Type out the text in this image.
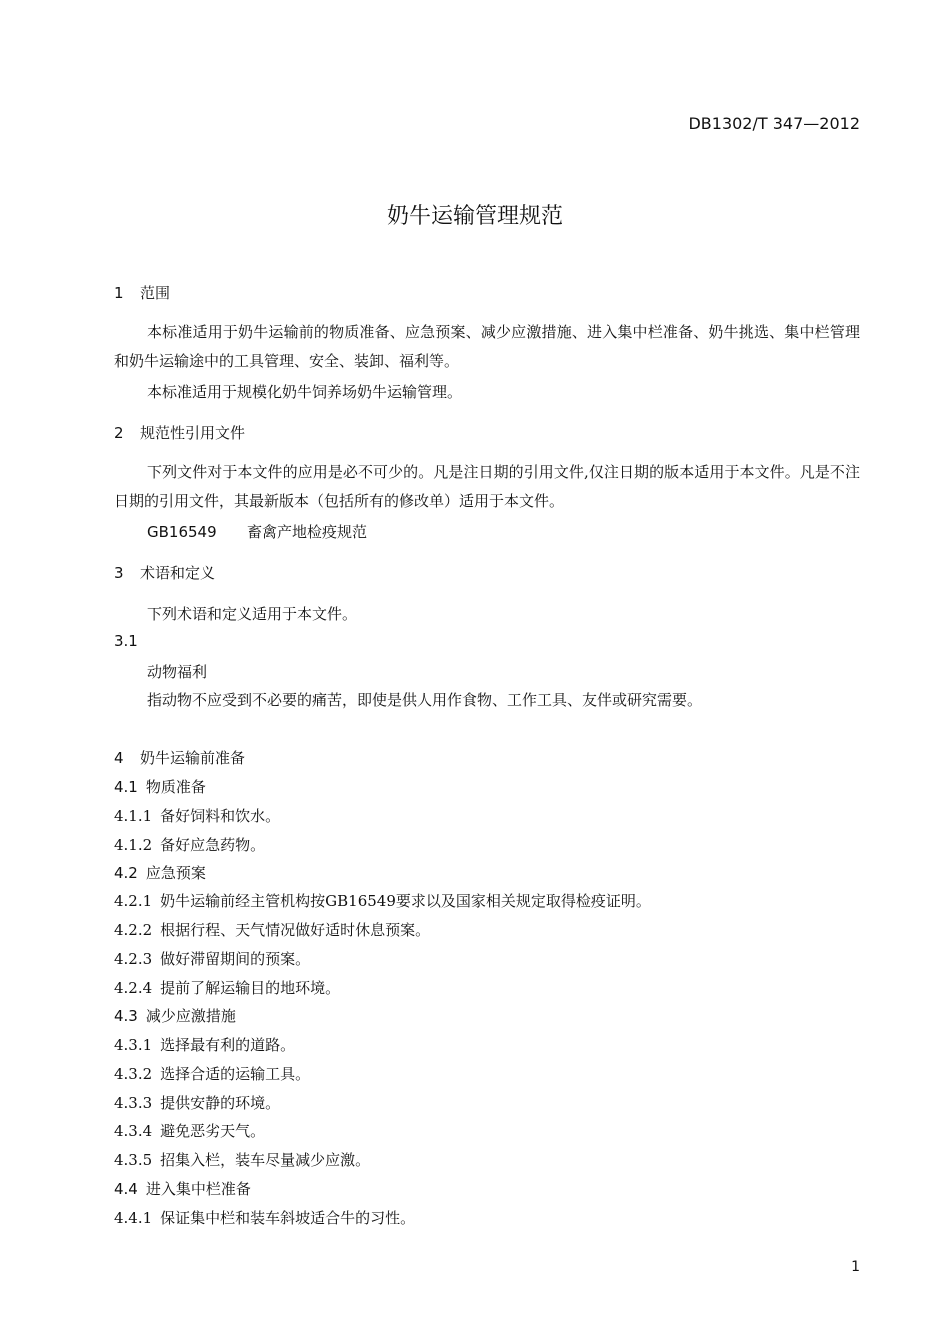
DB1302/T 347—2012
奶牛运输管理规范
1 范围
本标准适用于奶牛运输前的物质准备、应急预案、减少应激措施、进入集中栏准备、奶牛挑选、集中栏管理和奶牛运输途中的工具管理、安全、装卸、福利等。
本标准适用于规模化奶牛饲养场奶牛运输管理。
2 规范性引用文件
下列文件对于本文件的应用是必不可少的。凡是注日期的引用文件,仅注日期的版本适用于本文件。凡是不注日期的引用文件，其最新版本（包括所有的修改单）适用于本文件。
GB16549 畜禽产地检疫规范
3 术语和定义
下列术语和定义适用于本文件。
3.1
动物福利
指动物不应受到不必要的痛苦，即使是供人用作食物、工作工具、友伴或研究需要。
4 奶牛运输前准备
4.1 物质准备
4.1.1 备好饲料和饮水。
4.1.2 备好应急药物。
4.2 应急预案
4.2.1 奶牛运输前经主管机构按GB16549要求以及国家相关规定取得检疫证明。
4.2.2 根据行程、天气情况做好适时休息预案。
4.2.3 做好滞留期间的预案。
4.2.4 提前了解运输目的地环境。
4.3 减少应激措施
4.3.1 选择最有利的道路。
4.3.2 选择合适的运输工具。
4.3.3 提供安静的环境。
4.3.4 避免恶劣天气。
4.3.5 招集入栏，装车尽量减少应激。
4.4 进入集中栏准备
4.4.1 保证集中栏和装车斜坡适合牛的习性。
1
